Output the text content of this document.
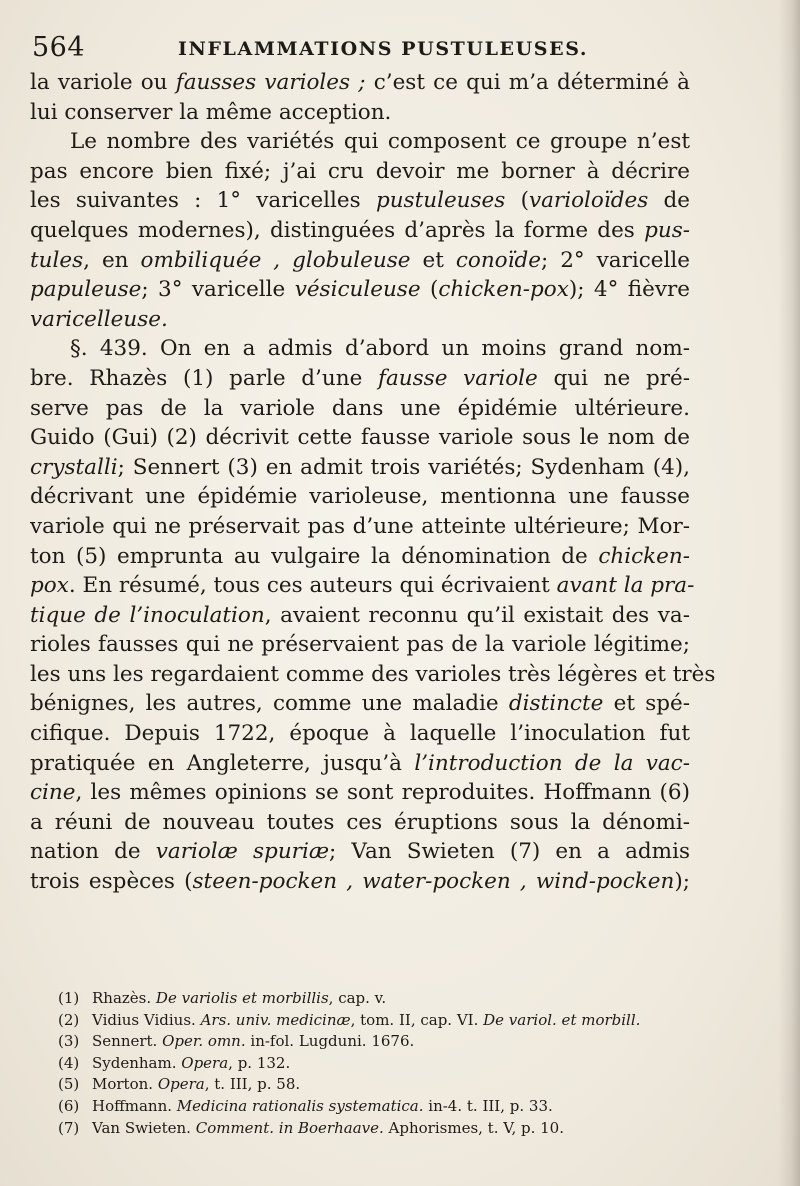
564	INFLAMMATIONS PUSTULEUSES.
la variole ou fausses varioles ; c’est ce qui m’a déterminé à
lui conserver la même acception.
Le nombre des variétés qui composent ce groupe n’est
pas encore bien fixé; j’ai cru devoir me borner à décrire
les suivantes : 1° varicelles pustuleuses (varioloïdes de
quelques modernes), distinguées d’après la forme des pus-
tules, en ombiliquée , globuleuse et conoïde; 2° varicelle
papuleuse; 3° varicelle vésiculeuse (chicken-pox); 4° fièvre
varicelleuse.
§. 439. On en a admis d’abord un moins grand nom-
bre. Rhazès (1) parle d’une fausse variole qui ne pré-
serve pas de la variole dans une épidémie ultérieure.
Guido (Gui) (2) décrivit cette fausse variole sous le nom de
crystalli; Sennert (3) en admit trois variétés; Sydenham (4),
décrivant une épidémie varioleuse, mentionna une fausse
variole qui ne préservait pas d’une atteinte ultérieure; Mor-
ton (5) emprunta au vulgaire la dénomination de chicken-
pox. En résumé, tous ces auteurs qui écrivaient avant la pra-
tique de l’inoculation, avaient reconnu qu’il existait des va-
rioles fausses qui ne préservaient pas de la variole légitime;
les uns les regardaient comme des varioles très légères et très
bénignes, les autres, comme une maladie distincte et spé-
cifique. Depuis 1722, époque à laquelle l’inoculation fut
pratiquée en Angleterre, jusqu’à l’introduction de la vac-
cine, les mêmes opinions se sont reproduites. Hoffmann (6)
a réuni de nouveau toutes ces éruptions sous la dénomi-
nation de variolæ spuriæ; Van Swieten (7) en a admis
trois espèces (steen-pocken , water-pocken , wind-pocken);
(1) Rhazès. De variolis et morbillis, cap. v.
(2) Vidius Vidius. Ars. univ. medicinæ, tom. II, cap. VI. De variol. et morbill.
(3) Sennert. Oper. omn. in-fol. Lugduni. 1676.
(4) Sydenham. Opera, p. 132.
(5) Morton. Opera, t. III, p. 58.
(6) Hoffmann. Medicina rationalis systematica. in-4. t. III, p. 33.
(7) Van Swieten. Comment. in Boerhaave. Aphorismes, t. V, p. 10.
